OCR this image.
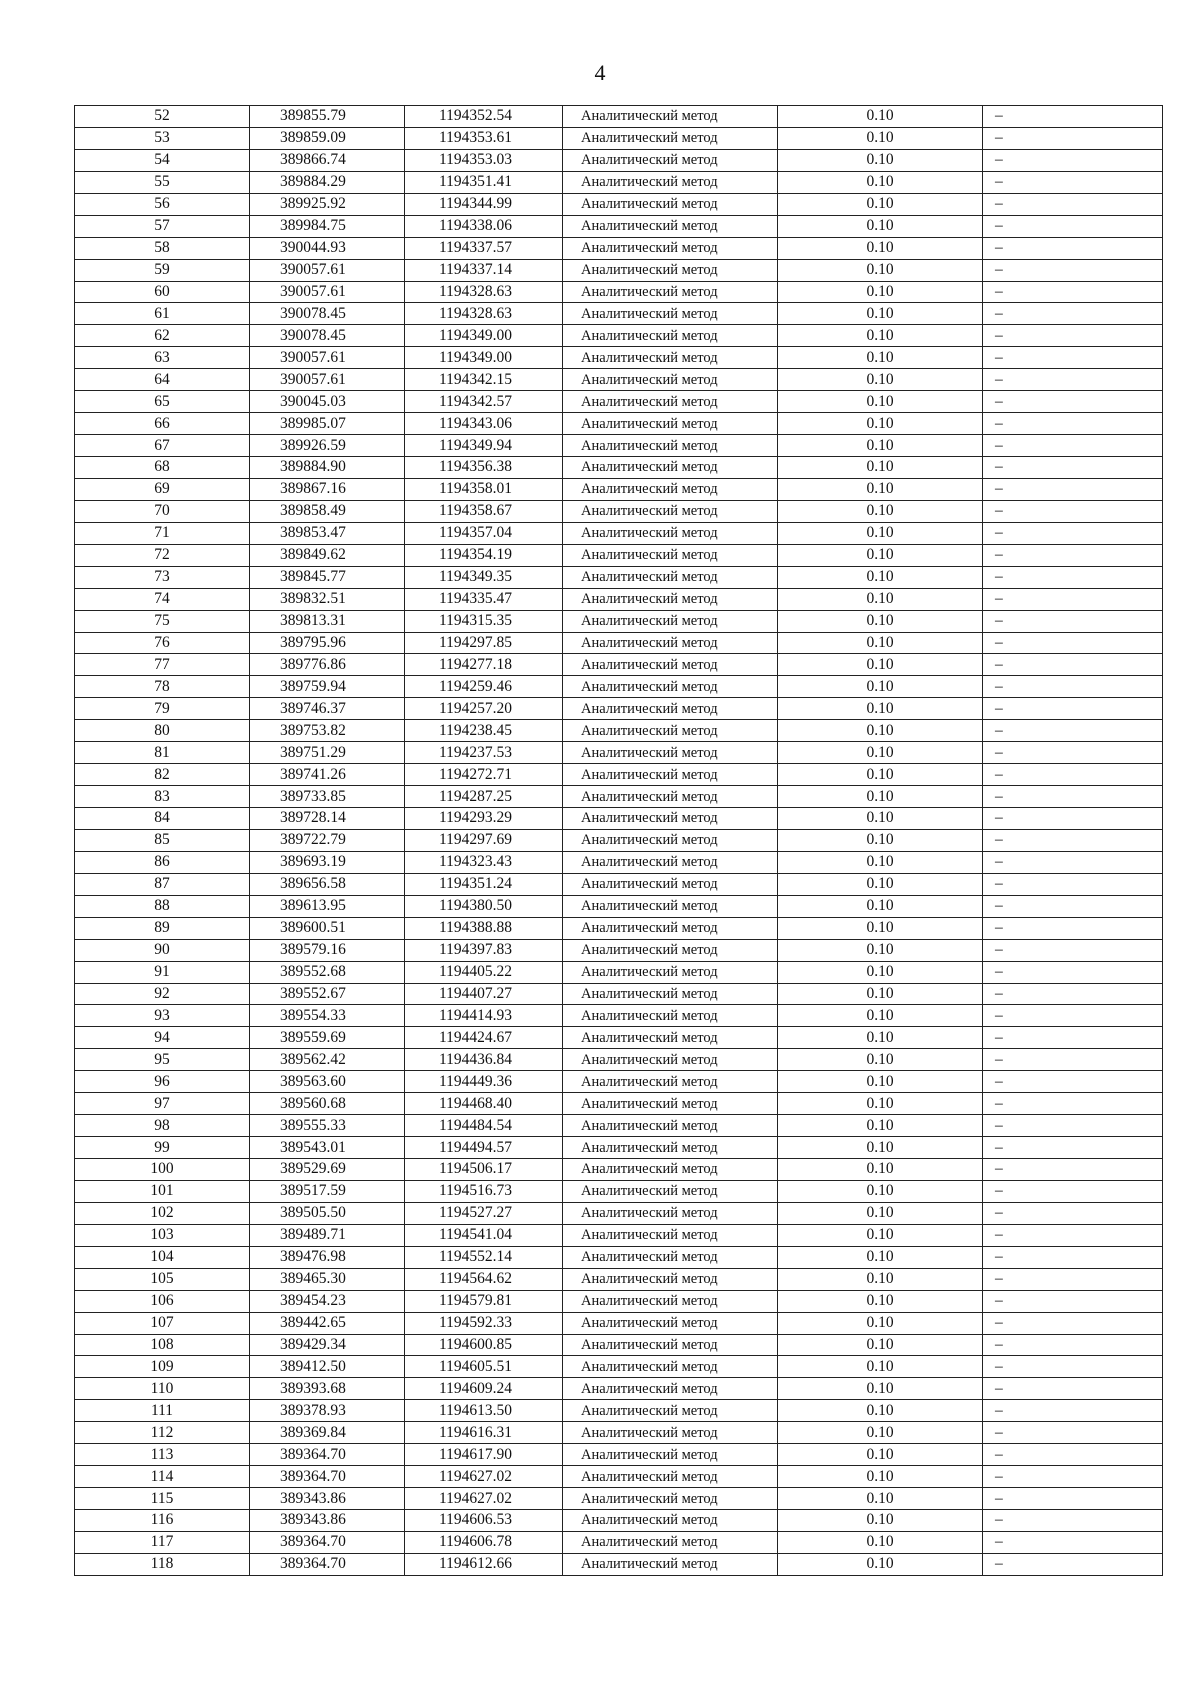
4
52	389855.79	1194352.54	Аналитический метод	0.10	–
53	389859.09	1194353.61	Аналитический метод	0.10	–
54	389866.74	1194353.03	Аналитический метод	0.10	–
55	389884.29	1194351.41	Аналитический метод	0.10	–
56	389925.92	1194344.99	Аналитический метод	0.10	–
57	389984.75	1194338.06	Аналитический метод	0.10	–
58	390044.93	1194337.57	Аналитический метод	0.10	–
59	390057.61	1194337.14	Аналитический метод	0.10	–
60	390057.61	1194328.63	Аналитический метод	0.10	–
61	390078.45	1194328.63	Аналитический метод	0.10	–
62	390078.45	1194349.00	Аналитический метод	0.10	–
63	390057.61	1194349.00	Аналитический метод	0.10	–
64	390057.61	1194342.15	Аналитический метод	0.10	–
65	390045.03	1194342.57	Аналитический метод	0.10	–
66	389985.07	1194343.06	Аналитический метод	0.10	–
67	389926.59	1194349.94	Аналитический метод	0.10	–
68	389884.90	1194356.38	Аналитический метод	0.10	–
69	389867.16	1194358.01	Аналитический метод	0.10	–
70	389858.49	1194358.67	Аналитический метод	0.10	–
71	389853.47	1194357.04	Аналитический метод	0.10	–
72	389849.62	1194354.19	Аналитический метод	0.10	–
73	389845.77	1194349.35	Аналитический метод	0.10	–
74	389832.51	1194335.47	Аналитический метод	0.10	–
75	389813.31	1194315.35	Аналитический метод	0.10	–
76	389795.96	1194297.85	Аналитический метод	0.10	–
77	389776.86	1194277.18	Аналитический метод	0.10	–
78	389759.94	1194259.46	Аналитический метод	0.10	–
79	389746.37	1194257.20	Аналитический метод	0.10	–
80	389753.82	1194238.45	Аналитический метод	0.10	–
81	389751.29	1194237.53	Аналитический метод	0.10	–
82	389741.26	1194272.71	Аналитический метод	0.10	–
83	389733.85	1194287.25	Аналитический метод	0.10	–
84	389728.14	1194293.29	Аналитический метод	0.10	–
85	389722.79	1194297.69	Аналитический метод	0.10	–
86	389693.19	1194323.43	Аналитический метод	0.10	–
87	389656.58	1194351.24	Аналитический метод	0.10	–
88	389613.95	1194380.50	Аналитический метод	0.10	–
89	389600.51	1194388.88	Аналитический метод	0.10	–
90	389579.16	1194397.83	Аналитический метод	0.10	–
91	389552.68	1194405.22	Аналитический метод	0.10	–
92	389552.67	1194407.27	Аналитический метод	0.10	–
93	389554.33	1194414.93	Аналитический метод	0.10	–
94	389559.69	1194424.67	Аналитический метод	0.10	–
95	389562.42	1194436.84	Аналитический метод	0.10	–
96	389563.60	1194449.36	Аналитический метод	0.10	–
97	389560.68	1194468.40	Аналитический метод	0.10	–
98	389555.33	1194484.54	Аналитический метод	0.10	–
99	389543.01	1194494.57	Аналитический метод	0.10	–
100	389529.69	1194506.17	Аналитический метод	0.10	–
101	389517.59	1194516.73	Аналитический метод	0.10	–
102	389505.50	1194527.27	Аналитический метод	0.10	–
103	389489.71	1194541.04	Аналитический метод	0.10	–
104	389476.98	1194552.14	Аналитический метод	0.10	–
105	389465.30	1194564.62	Аналитический метод	0.10	–
106	389454.23	1194579.81	Аналитический метод	0.10	–
107	389442.65	1194592.33	Аналитический метод	0.10	–
108	389429.34	1194600.85	Аналитический метод	0.10	–
109	389412.50	1194605.51	Аналитический метод	0.10	–
110	389393.68	1194609.24	Аналитический метод	0.10	–
111	389378.93	1194613.50	Аналитический метод	0.10	–
112	389369.84	1194616.31	Аналитический метод	0.10	–
113	389364.70	1194617.90	Аналитический метод	0.10	–
114	389364.70	1194627.02	Аналитический метод	0.10	–
115	389343.86	1194627.02	Аналитический метод	0.10	–
116	389343.86	1194606.53	Аналитический метод	0.10	–
117	389364.70	1194606.78	Аналитический метод	0.10	–
118	389364.70	1194612.66	Аналитический метод	0.10	–
